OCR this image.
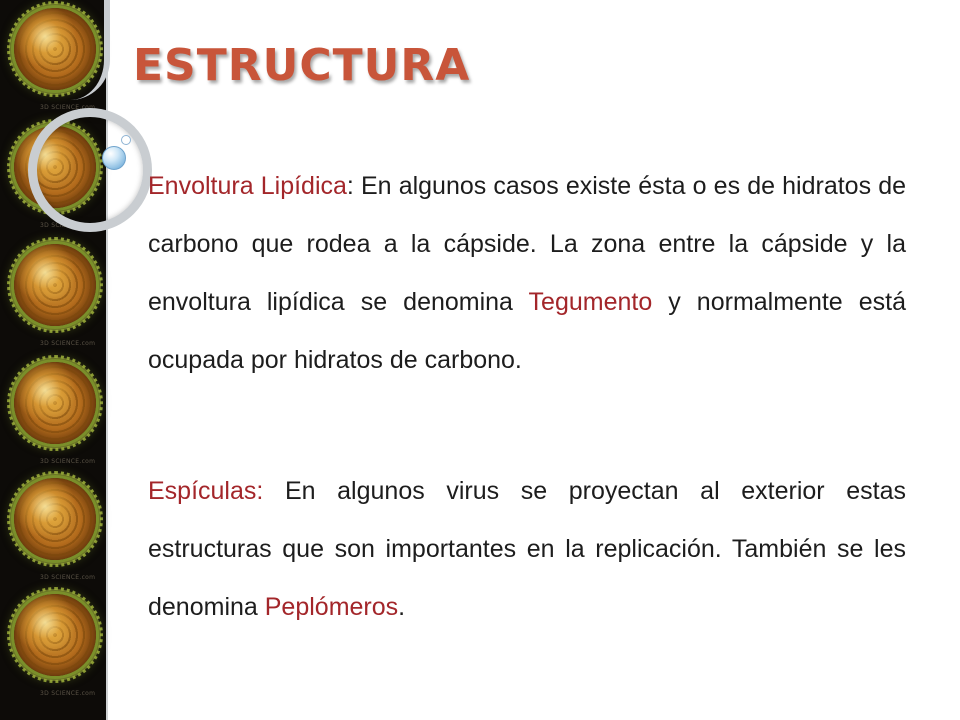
3D SCIENCE.com
3D SCIENCE.com
3D SCIENCE.com
3D SCIENCE.com
3D SCIENCE.com
3D SCIENCE.com
ESTRUCTURA

Envoltura Lipídica: En algunos casos existe ésta o es de hidratos de carbono que rodea a la cápside. La zona entre la cápside y la envoltura lipídica se denomina Tegumento y normalmente está ocupada por hidratos de carbono.

Espículas: En algunos virus se proyectan al exterior estas estructuras que son importantes en la replicación. También se les denomina Peplómeros.
